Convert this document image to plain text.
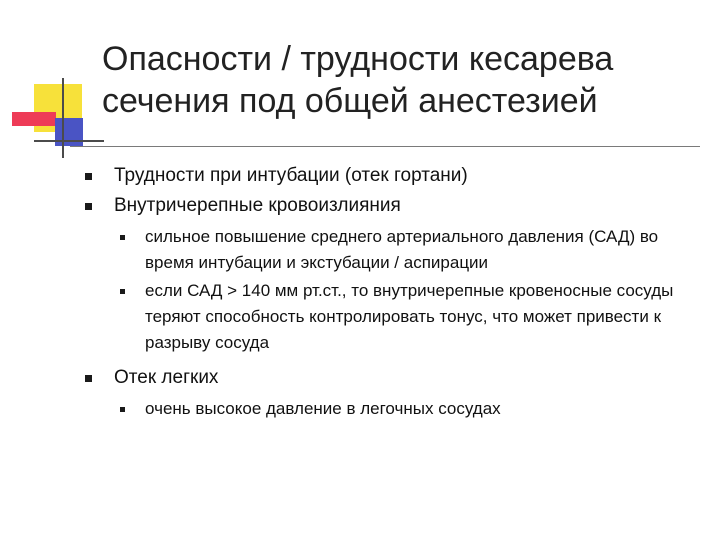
Опасности / трудности кесарева сечения под общей анестезией
Трудности при интубации (отек гортани)
Внутричерепные кровоизлияния
сильное повышение среднего артериального давления (САД) во время интубации и экстубации / аспирации
если САД > 140 мм рт.ст., то внутричерепные кровеносные сосуды теряют способность контролировать тонус, что может привести к разрыву сосуда
Отек легких
очень высокое давление в легочных сосудах
